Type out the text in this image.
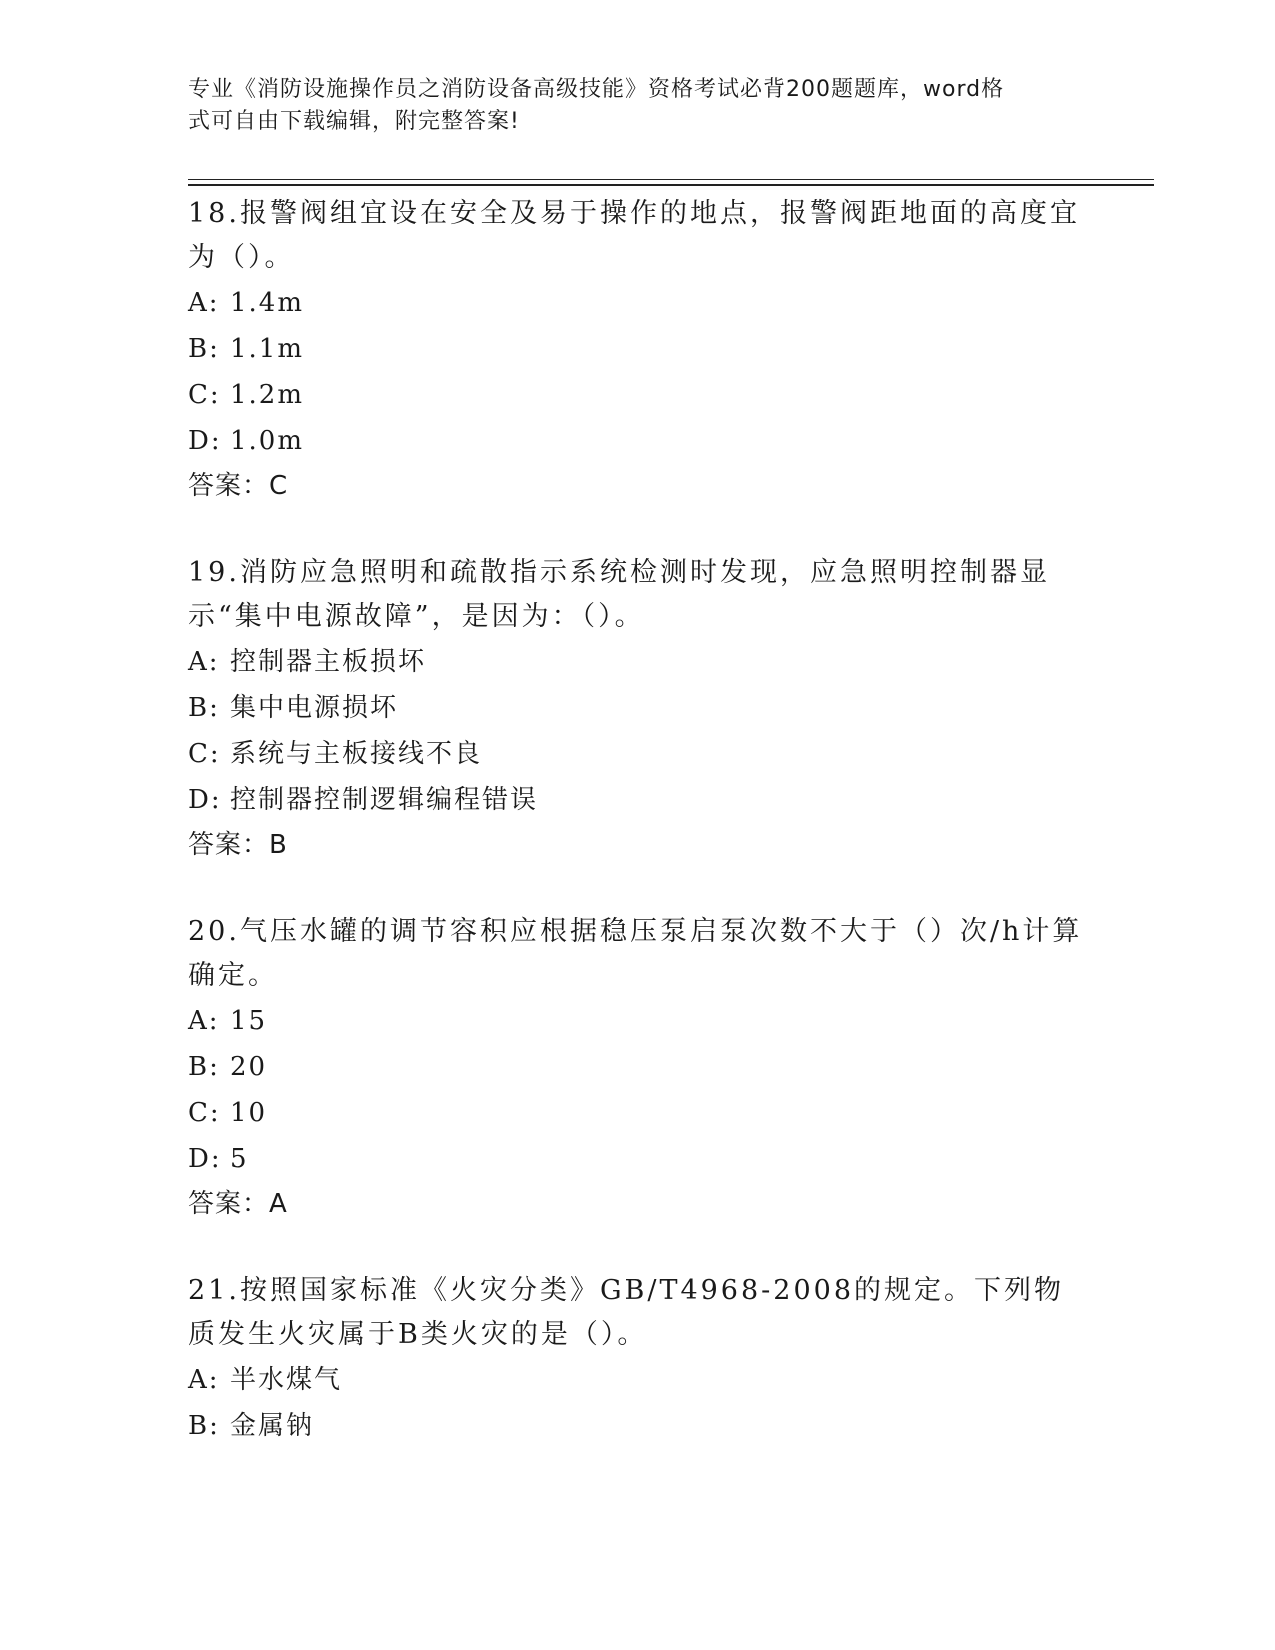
专业《消防设施操作员之消防设备高级技能》资格考试必背200题题库，word格
式可自由下载编辑，附完整答案!

18.报警阀组宜设在安全及易于操作的地点，报警阀距地面的高度宜为（）。

A: 1.4m
B: 1.1m
C: 1.2m
D: 1.0m
答案：C

19.消防应急照明和疏散指示系统检测时发现，应急照明控制器显示“集中电源故障”，是因为：（）。

A: 控制器主板损坏
B: 集中电源损坏
C: 系统与主板接线不良
D: 控制器控制逻辑编程错误
答案：B

20.气压水罐的调节容积应根据稳压泵启泵次数不大于（）次/h计算确定。

A: 15
B: 20
C: 10
D: 5
答案：A

21.按照国家标准《火灾分类》GB/T4968-2008的规定。下列物质发生火灾属于B类火灾的是（）。

A: 半水煤气
B: 金属钠
